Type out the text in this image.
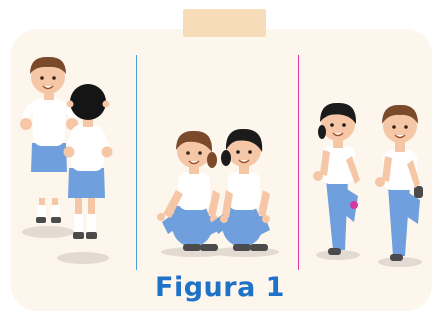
Figura 1
